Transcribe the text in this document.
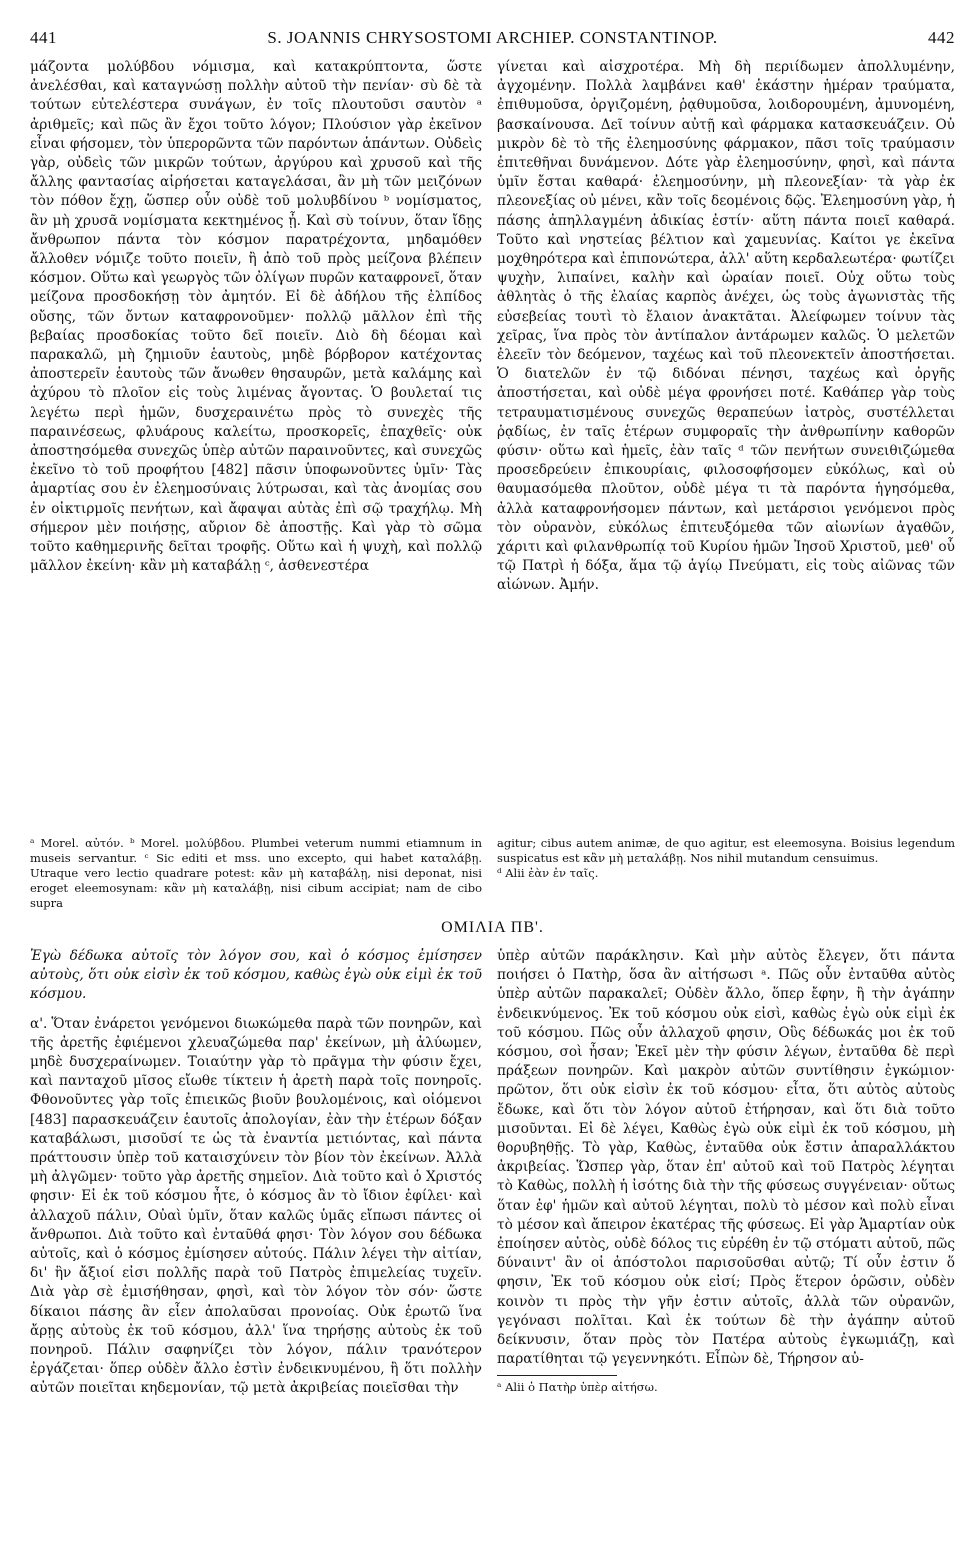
441	S. JOANNIS CHRYSOSTOMI ARCHIEP. CONSTANTINOP.	442

μάζοντα μολύβδου νόμισμα, καὶ κατακρύπτοντα, ὥστε ἀνελέσθαι, καὶ καταγνώσῃ πολλὴν αὐτοῦ τὴν πενίαν· σὺ δὲ τὰ τούτων εὐτελέστερα συνάγων, ἐν τοῖς πλουτοῦσι σαυτὸν ᵃ ἀριθμεῖς; καὶ πῶς ἂν ἔχοι τοῦτο λόγον; Πλούσιον γὰρ ἐκεῖνον εἶναι φήσομεν, τὸν ὑπερορῶντα τῶν παρόντων ἁπάντων. Οὐδεὶς γὰρ, οὐδεὶς τῶν μικρῶν τούτων, ἀργύρου καὶ χρυσοῦ καὶ τῆς ἄλλης φαντασίας αἱρήσεται καταγελάσαι, ἂν μὴ τῶν μειζόνων τὸν πόθον ἔχῃ, ὥσπερ οὖν οὐδὲ τοῦ μολυβδίνου ᵇ νομίσματος, ἂν μὴ χρυσᾶ νομίσματα κεκτημένος ᾖ. Καὶ σὺ τοίνυν, ὅταν ἴδῃς ἄνθρωπον πάντα τὸν κόσμον παρατρέχοντα, μηδαμόθεν ἄλλοθεν νόμιζε τοῦτο ποιεῖν, ἢ ἀπὸ τοῦ πρὸς μείζονα βλέπειν κόσμον. Οὕτω καὶ γεωργὸς τῶν ὀλίγων πυρῶν καταφρονεῖ, ὅταν μείζονα προσδοκήσῃ τὸν ἀμητόν. Εἰ δὲ ἀδήλου τῆς ἐλπίδος οὔσης, τῶν ὄντων καταφρονοῦμεν· πολλῷ μᾶλλον ἐπὶ τῆς βεβαίας προσδοκίας τοῦτο δεῖ ποιεῖν. Διὸ δὴ δέομαι καὶ παρακαλῶ, μὴ ζημιοῦν ἑαυτοὺς, μηδὲ βόρβορον κατέχοντας ἀποστερεῖν ἑαυτοὺς τῶν ἄνωθεν θησαυρῶν, μετὰ καλάμης καὶ ἀχύρου τὸ πλοῖον εἰς τοὺς λιμένας ἄγοντας. Ὁ βουλεταί τις λεγέτω περὶ ἡμῶν, δυσχεραινέτω πρὸς τὸ συνεχὲς τῆς παραινέσεως, φλυάρους καλείτω, προσκορεῖς, ἐπαχθεῖς· οὐκ ἀποστησόμεθα συνεχῶς ὑπὲρ αὐτῶν παραινοῦντες, καὶ συνεχῶς ἐκεῖνο τὸ τοῦ προφήτου [482] πᾶσιν ὑποφωνοῦντες ὑμῖν· Τὰς ἁμαρτίας σου ἐν ἐλεημοσύναις λύτρωσαι, καὶ τὰς ἀνομίας σου ἐν οἰκτιρμοῖς πενήτων, καὶ ἄφαψαι αὐτὰς ἐπὶ σῷ τραχήλῳ. Μὴ σήμερον μὲν ποιήσῃς, αὔριον δὲ ἀποστῇς. Καὶ γὰρ τὸ σῶμα τοῦτο καθημερινῆς δεῖται τροφῆς. Οὕτω καὶ ἡ ψυχὴ, καὶ πολλῷ μᾶλλον ἐκείνη· κἂν μὴ καταβάλῃ ᶜ, ἀσθενεστέρα

γίνεται καὶ αἰσχροτέρα. Μὴ δὴ περιίδωμεν ἀπολλυμένην, ἀγχομένην. Πολλὰ λαμβάνει καθ' ἑκάστην ἡμέραν τραύματα, ἐπιθυμοῦσα, ὀργιζομένη, ῥᾳθυμοῦσα, λοιδορουμένη, ἀμυνομένη, βασκαίνουσα. Δεῖ τοίνυν αὐτῇ καὶ φάρμακα κατασκευάζειν. Οὐ μικρὸν δὲ τὸ τῆς ἐλεημοσύνης φάρμακον, πᾶσι τοῖς τραύμασιν ἐπιτεθῆναι δυνάμενον. Δότε γὰρ ἐλεημοσύνην, φησὶ, καὶ πάντα ὑμῖν ἔσται καθαρά· ἐλεημοσύνην, μὴ πλεονεξίαν· τὰ γὰρ ἐκ πλεονεξίας οὐ μένει, κἂν τοῖς δεομένοις δῷς. Ἐλεημοσύνη γὰρ, ἡ πάσης ἀπηλλαγμένη ἀδικίας ἐστίν· αὕτη πάντα ποιεῖ καθαρά. Τοῦτο καὶ νηστείας βέλτιον καὶ χαμευνίας. Καίτοι γε ἐκεῖνα μοχθηρότερα καὶ ἐπιπονώτερα, ἀλλ' αὕτη κερδαλεωτέρα· φωτίζει ψυχὴν, λιπαίνει, καλὴν καὶ ὡραίαν ποιεῖ. Οὐχ οὕτω τοὺς ἀθλητὰς ὁ τῆς ἐλαίας καρπὸς ἀνέχει, ὡς τοὺς ἀγωνιστὰς τῆς εὐσεβείας τουτὶ τὸ ἔλαιον ἀνακτᾶται. Ἀλείφωμεν τοίνυν τὰς χεῖρας, ἵνα πρὸς τὸν ἀντίπαλον ἀντάρωμεν καλῶς. Ὁ μελετῶν ἐλεεῖν τὸν δεόμενον, ταχέως καὶ τοῦ πλεονεκτεῖν ἀποστήσεται. Ὁ διατελῶν ἐν τῷ διδόναι πένησι, ταχέως καὶ ὀργῆς ἀποστήσεται, καὶ οὐδὲ μέγα φρονήσει ποτέ. Καθάπερ γὰρ τοὺς τετραυματισμένους συνεχῶς θεραπεύων ἰατρὸς, συστέλλεται ῥᾳδίως, ἐν ταῖς ἑτέρων συμφοραῖς τὴν ἀνθρωπίνην καθορῶν φύσιν· οὕτω καὶ ἡμεῖς, ἐὰν ταῖς ᵈ τῶν πενήτων συνειθιζώμεθα προσεδρεύειν ἐπικουρίαις, φιλοσοφήσομεν εὐκόλως, καὶ οὐ θαυμασόμεθα πλοῦτον, οὐδὲ μέγα τι τὰ παρόντα ἡγησόμεθα, ἀλλὰ καταφρονήσομεν πάντων, καὶ μετάρσιοι γενόμενοι πρὸς τὸν οὐρανὸν, εὐκόλως ἐπιτευξόμεθα τῶν αἰωνίων ἀγαθῶν, χάριτι καὶ φιλανθρωπίᾳ τοῦ Κυρίου ἡμῶν Ἰησοῦ Χριστοῦ, μεθ' οὗ τῷ Πατρὶ ἡ δόξα, ἅμα τῷ ἁγίῳ Πνεύματι, εἰς τοὺς αἰῶνας τῶν αἰώνων. Ἀμήν.

ᵃ Morel. αὐτόν. ᵇ Morel. μολύβδου. Plumbei veterum nummi etiamnum in museis servantur. ᶜ Sic editi et mss. uno excepto, qui habet καταλάβῃ. Utraque vero lectio quadrare potest: κἂν μὴ καταβάλῃ, nisi deponat, nisi eroget eleemosynam: κἂν μὴ καταλάβῃ, nisi cibum accipiat; nam de cibo supra
agitur; cibus autem animæ, de quo agitur, est eleemosyna. Boisius legendum suspicatus est κἂν μὴ μεταλάβῃ. Nos nihil mutandum censuimus.
ᵈ Alii ἐὰν ἐν ταῖς.
ΟΜΙΛΙΑ ΠΒ'.

Ἐγὼ δέδωκα αὐτοῖς τὸν λόγον σου, καὶ ὁ κόσμος ἐμίσησεν αὐτοὺς, ὅτι οὐκ εἰσὶν ἐκ τοῦ κόσμου, καθὼς ἐγὼ οὐκ εἰμὶ ἐκ τοῦ κόσμου.

α'. Ὅταν ἐνάρετοι γενόμενοι διωκώμεθα παρὰ τῶν πονηρῶν, καὶ τῆς ἀρετῆς ἐφιέμενοι χλευαζώμεθα παρ' ἐκείνων, μὴ ἀλύωμεν, μηδὲ δυσχεραίνωμεν. Τοιαύτην γὰρ τὸ πρᾶγμα τὴν φύσιν ἔχει, καὶ πανταχοῦ μῖσος εἴωθε τίκτειν ἡ ἀρετὴ παρὰ τοῖς πονηροῖς. Φθονοῦντες γὰρ τοῖς ἐπιεικῶς βιοῦν βουλομένοις, καὶ οἰόμενοι [483] παρασκευάζειν ἑαυτοῖς ἀπολογίαν, ἐὰν τὴν ἑτέρων δόξαν καταβάλωσι, μισοῦσί τε ὡς τὰ ἐναντία μετιόντας, καὶ πάντα πράττουσιν ὑπὲρ τοῦ καταισχύνειν τὸν βίον τὸν ἐκείνων. Ἀλλὰ μὴ ἀλγῶμεν· τοῦτο γὰρ ἀρετῆς σημεῖον. Διὰ τοῦτο καὶ ὁ Χριστός φησιν· Εἰ ἐκ τοῦ κόσμου ἦτε, ὁ κόσμος ἂν τὸ ἴδιον ἐφίλει· καὶ ἀλλαχοῦ πάλιν, Οὐαὶ ὑμῖν, ὅταν καλῶς ὑμᾶς εἴπωσι πάντες οἱ ἄνθρωποι. Διὰ τοῦτο καὶ ἐνταῦθά φησι· Τὸν λόγον σου δέδωκα αὐτοῖς, καὶ ὁ κόσμος ἐμίσησεν αὐτούς. Πάλιν λέγει τὴν αἰτίαν, δι' ἣν ἄξιοί εἰσι πολλῆς παρὰ τοῦ Πατρὸς ἐπιμελείας τυχεῖν. Διὰ γὰρ σὲ ἐμισήθησαν, φησὶ, καὶ τὸν λόγον τὸν σόν· ὥστε δίκαιοι πάσης ἂν εἶεν ἀπολαῦσαι προνοίας. Οὐκ ἐρωτῶ ἵνα ἄρῃς αὐτοὺς ἐκ τοῦ κόσμου, ἀλλ' ἵνα τηρήσῃς αὐτοὺς ἐκ τοῦ πονηροῦ. Πάλιν σαφηνίζει τὸν λόγον, πάλιν τρανότερον ἐργάζεται· ὅπερ οὐδὲν ἄλλο ἐστὶν ἐνδεικνυμένου, ἢ ὅτι πολλὴν αὐτῶν ποιεῖται κηδεμονίαν, τῷ μετὰ ἀκριβείας ποιεῖσθαι τὴν

ὑπὲρ αὐτῶν παράκλησιν. Καὶ μὴν αὐτὸς ἔλεγεν, ὅτι πάντα ποιήσει ὁ Πατὴρ, ὅσα ἂν αἰτήσωσι ᵃ. Πῶς οὖν ἐνταῦθα αὐτὸς ὑπὲρ αὐτῶν παρακαλεῖ; Οὐδὲν ἄλλο, ὅπερ ἔφην, ἢ τὴν ἀγάπην ἐνδεικνύμενος. Ἐκ τοῦ κόσμου οὐκ εἰσὶ, καθὼς ἐγὼ οὐκ εἰμὶ ἐκ τοῦ κόσμου. Πῶς οὖν ἀλλαχοῦ φησιν, Οὓς δέδωκάς μοι ἐκ τοῦ κόσμου, σοὶ ἦσαν; Ἐκεῖ μὲν τὴν φύσιν λέγων, ἐνταῦθα δὲ περὶ πράξεων πονηρῶν. Καὶ μακρὸν αὐτῶν συντίθησιν ἐγκώμιον· πρῶτον, ὅτι οὐκ εἰσὶν ἐκ τοῦ κόσμου· εἶτα, ὅτι αὐτὸς αὐτοὺς ἔδωκε, καὶ ὅτι τὸν λόγον αὐτοῦ ἐτήρησαν, καὶ ὅτι διὰ τοῦτο μισοῦνται. Εἰ δὲ λέγει, Καθὼς ἐγὼ οὐκ εἰμὶ ἐκ τοῦ κόσμου, μὴ θορυβηθῇς. Τὸ γὰρ, Καθὼς, ἐνταῦθα οὐκ ἔστιν ἀπαραλλάκτου ἀκριβείας. Ὥσπερ γὰρ, ὅταν ἐπ' αὐτοῦ καὶ τοῦ Πατρὸς λέγηται τὸ Καθὼς, πολλὴ ἡ ἰσότης διὰ τὴν τῆς φύσεως συγγένειαν· οὕτως ὅταν ἐφ' ἡμῶν καὶ αὐτοῦ λέγηται, πολὺ τὸ μέσον καὶ πολὺ εἶναι τὸ μέσον καὶ ἄπειρον ἑκατέρας τῆς φύσεως. Εἰ γὰρ Ἁμαρτίαν οὐκ ἐποίησεν αὐτὸς, οὐδὲ δόλος τις εὑρέθη ἐν τῷ στόματι αὐτοῦ, πῶς δύναιντ' ἂν οἱ ἀπόστολοι παρισοῦσθαι αὐτῷ; Τί οὖν ἐστιν ὅ φησιν, Ἐκ τοῦ κόσμου οὐκ εἰσί; Πρὸς ἕτερον ὁρῶσιν, οὐδὲν κοινὸν τι πρὸς τὴν γῆν ἐστιν αὐτοῖς, ἀλλὰ τῶν οὐρανῶν, γεγόνασι πολῖται. Καὶ ἐκ τούτων δὲ τὴν ἀγάπην αὐτοῦ δείκνυσιν, ὅταν πρὸς τὸν Πατέρα αὐτοὺς ἐγκωμιάζῃ, καὶ παρατίθηται τῷ γεγεννηκότι. Εἶπὼν δὲ, Τήρησον αὐ-

ᵃ Alii ὁ Πατὴρ ὑπὲρ αἰτήσω.
